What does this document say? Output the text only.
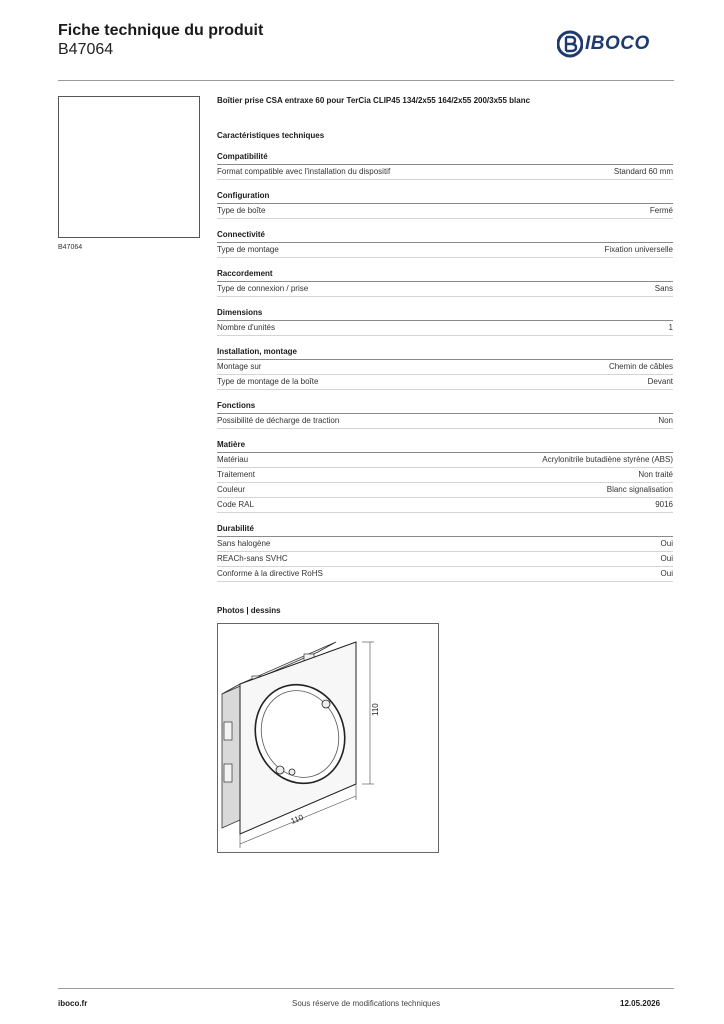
Fiche technique du produit
B47064	IBOCO
B47064
Boîtier prise CSA entraxe 60 pour TerCia CLIP45 134/2x55 164/2x55 200/3x55 blanc
Caractéristiques techniques
Compatibilité
Format compatible avec l'installation du dispositif	Standard 60 mm
Configuration
Type de boîte	Fermé
Connectivité
Type de montage	Fixation universelle
Raccordement
Type de connexion / prise	Sans
Dimensions
Nombre d'unités	1
Installation, montage
Montage sur	Chemin de câbles
Type de montage de la boîte	Devant
Fonctions
Possibilité de décharge de traction	Non
Matière
Matériau	Acrylonitrile butadiène styrène (ABS)
Traitement	Non traité
Couleur	Blanc signalisation
Code RAL	9016
Durabilité
Sans halogène	Oui
REACh-sans SVHC	Oui
Conforme à la directive RoHS	Oui
Photos | dessins
110
110
iboco.fr	Sous réserve de modifications techniques	12.05.2026
